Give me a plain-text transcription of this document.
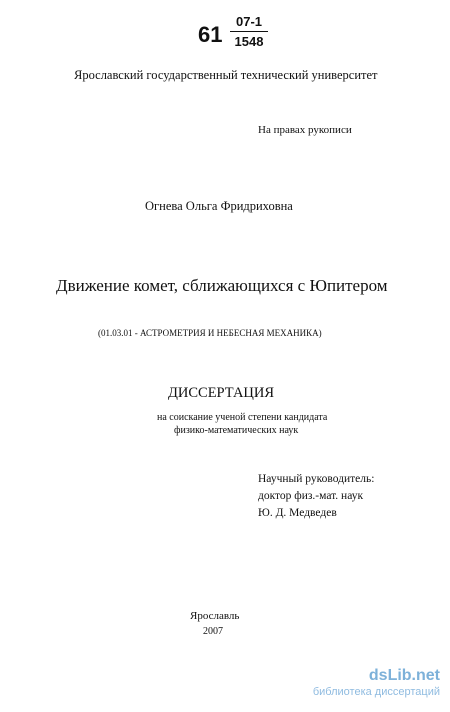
61
07-1
1548
Ярославский государственный технический университет
На правах рукописи
Огнева Ольга Фридриховна
Движение комет, сближающихся с Юпитером
(01.03.01 - АСТРОМЕТРИЯ И НЕБЕСНАЯ МЕХАНИКА)
ДИССЕРТАЦИЯ
на соискание ученой степени кандидата
физико-математических наук
Научный руководитель:
доктор физ.-мат. наук
Ю. Д. Медведев
Ярославль
2007
dsLib.net
библиотека диссертаций
